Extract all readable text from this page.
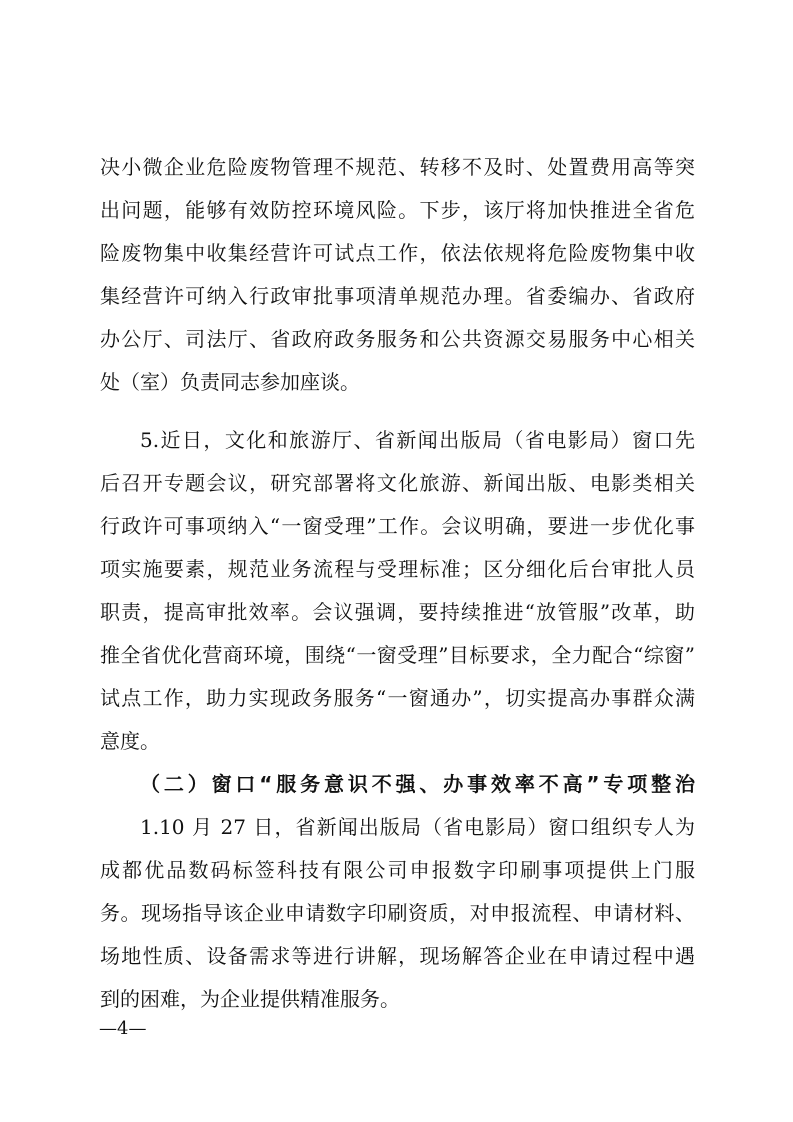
决小微企业危险废物管理不规范、转移不及时、处置费用高等突
出问题，能够有效防控环境风险。下步，该厅将加快推进全省危
险废物集中收集经营许可试点工作，依法依规将危险废物集中收
集经营许可纳入行政审批事项清单规范办理。省委编办、省政府
办公厅、司法厅、省政府政务服务和公共资源交易服务中心相关
处（室）负责同志参加座谈。
5.近日，文化和旅游厅、省新闻出版局（省电影局）窗口先
后召开专题会议，研究部署将文化旅游、新闻出版、电影类相关
行政许可事项纳入“一窗受理”工作。会议明确，要进一步优化事
项实施要素，规范业务流程与受理标准；区分细化后台审批人员
职责，提高审批效率。会议强调，要持续推进“放管服”改革，助
推全省优化营商环境，围绕“一窗受理”目标要求，全力配合“综窗”
试点工作，助力实现政务服务“一窗通办”，切实提高办事群众满
意度。
（二）窗口“服务意识不强、办事效率不高”专项整治
1.10 月 27 日，省新闻出版局（省电影局）窗口组织专人为
成都优品数码标签科技有限公司申报数字印刷事项提供上门服
务。现场指导该企业申请数字印刷资质，对申报流程、申请材料、
场地性质、设备需求等进行讲解，现场解答企业在申请过程中遇
到的困难，为企业提供精准服务。
—4—
